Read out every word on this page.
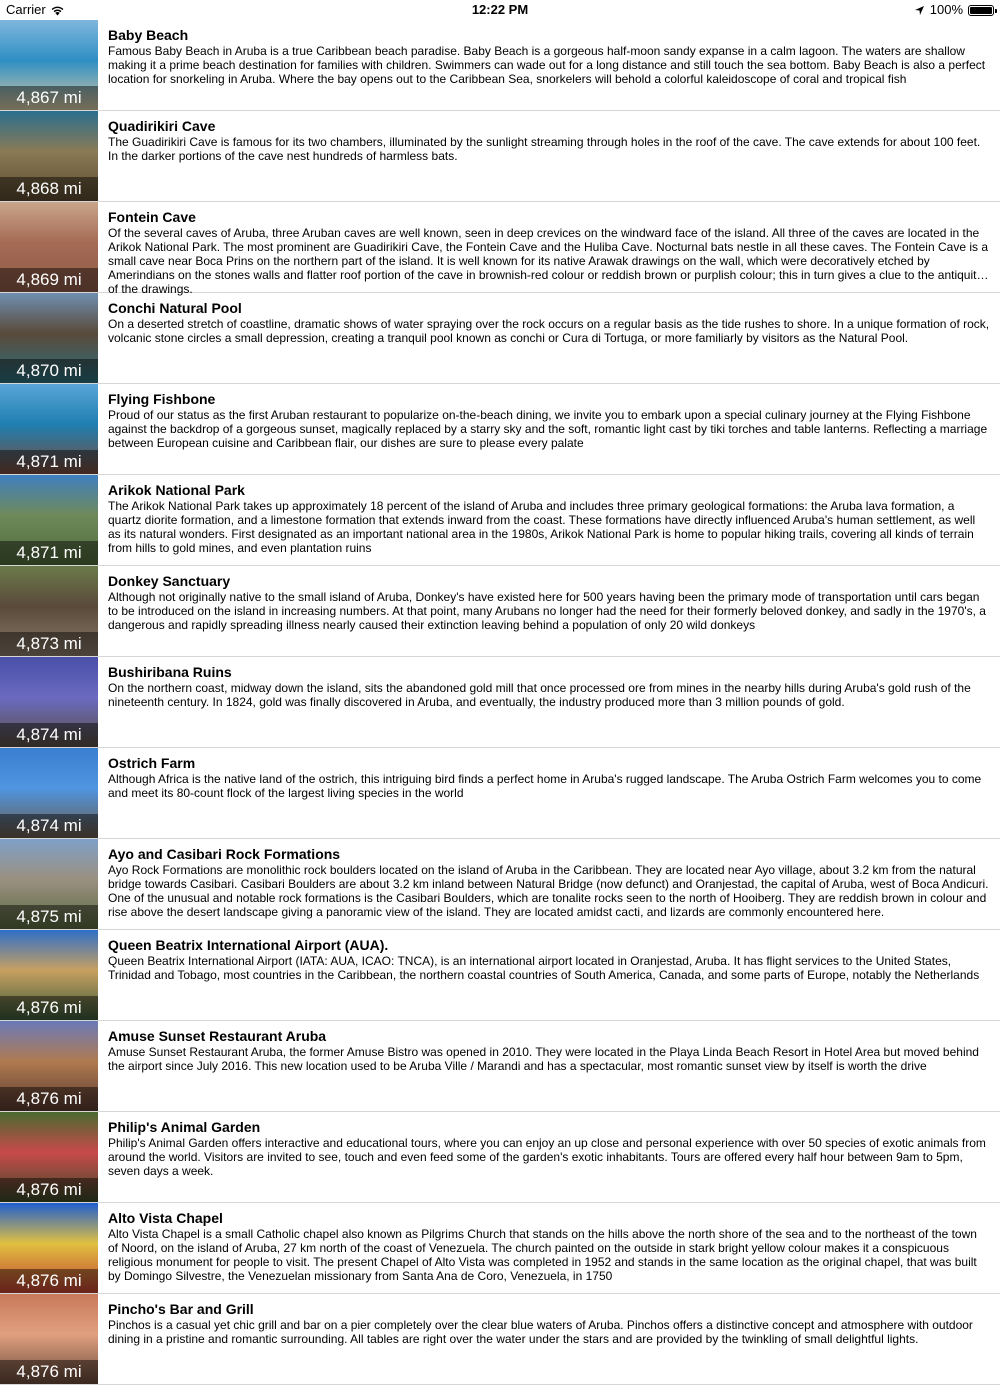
Carrier	12:22 PM	100%
4,867 mi
Baby Beach
Famous Baby Beach in Aruba is a true Caribbean beach paradise. Baby Beach is a gorgeous half-moon sandy expanse in a calm lagoon. The waters are shallow making it a prime beach destination for families with children. Swimmers can wade out for a long distance and still touch the sea bottom. Baby Beach is also a perfect location for snorkeling in Aruba. Where the bay opens out to the Caribbean Sea, snorkelers will behold a colorful kaleidoscope of coral and tropical fish
4,868 mi
Quadirikiri Cave
The Guadirikiri Cave is famous for its two chambers, illuminated by the sunlight streaming through holes in the roof of the cave. The cave extends for about 100 feet. In the darker portions of the cave nest hundreds of harmless bats.
4,869 mi
Fontein Cave
Of the several caves of Aruba, three Aruban caves are well known, seen in deep crevices on the windward face of the island. All three of the caves are located in the Arikok National Park. The most prominent are Guadirikiri Cave, the Fontein Cave and the Huliba Cave. Nocturnal bats nestle in all these caves. The Fontein Cave is a small cave near Boca Prins on the northern part of the island. It is well known for its native Arawak drawings on the wall, which were decoratively etched by Amerindians on the stones walls and flatter roof portion of the cave in brownish-red colour or reddish brown or purplish colour; this in turn gives a clue to the antiquity of the drawings.
4,870 mi
Conchi Natural Pool
On a deserted stretch of coastline, dramatic shows of water spraying over the rock occurs on a regular basis as the tide rushes to shore. In a unique formation of rock, volcanic stone circles a small depression, creating a tranquil pool known as conchi or Cura di Tortuga, or more familiarly by visitors as the Natural Pool.
4,871 mi
Flying Fishbone
Proud of our status as the first Aruban restaurant to popularize on-the-beach dining, we invite you to embark upon a special culinary journey at the Flying Fishbone against the backdrop of a gorgeous sunset, magically replaced by a starry sky and the soft, romantic light cast by tiki torches and table lanterns. Reflecting a marriage between European cuisine and Caribbean flair, our dishes are sure to please every palate
4,871 mi
Arikok National Park
The Arikok National Park takes up approximately 18 percent of the island of Aruba and includes three primary geological formations: the Aruba lava formation, a quartz diorite formation, and a limestone formation that extends inward from the coast. These formations have directly influenced Aruba's human settlement, as well as its natural wonders. First designated as an important national area in the 1980s, Arikok National Park is home to popular hiking trails, covering all kinds of terrain from hills to gold mines, and even plantation ruins
4,873 mi
Donkey Sanctuary
Although not originally native to the small island of Aruba, Donkey's have existed here for 500 years having been the primary mode of transportation until cars began to be introduced on the island in increasing numbers. At that point, many Arubans no longer had the need for their formerly beloved donkey, and sadly in the 1970's, a dangerous and rapidly spreading illness nearly caused their extinction leaving behind a population of only 20 wild donkeys
4,874 mi
Bushiribana Ruins
On the northern coast, midway down the island, sits the abandoned gold mill that once processed ore from mines in the nearby hills during Aruba's gold rush of the nineteenth century. In 1824, gold was finally discovered in Aruba, and eventually, the industry produced more than 3 million pounds of gold.
4,874 mi
Ostrich Farm
Although Africa is the native land of the ostrich, this intriguing bird finds a perfect home in Aruba's rugged landscape. The Aruba Ostrich Farm welcomes you to come and meet its 80-count flock of the largest living species in the world
4,875 mi
Ayo and Casibari Rock Formations
Ayo Rock Formations are monolithic rock boulders located on the island of Aruba in the Caribbean. They are located near Ayo village, about 3.2 km from the natural bridge towards Casibari. Casibari Boulders are about 3.2 km inland between Natural Bridge (now defunct) and Oranjestad, the capital of Aruba, west of Boca Andicuri. One of the unusual and notable rock formations is the Casibari Boulders, which are tonalite rocks seen to the north of Hooiberg. They are reddish brown in colour and rise above the desert landscape giving a panoramic view of the island. They are located amidst cacti, and lizards are commonly encountered here.
4,876 mi
Queen Beatrix International Airport (AUA).
Queen Beatrix International Airport (IATA: AUA, ICAO: TNCA), is an international airport located in Oranjestad, Aruba. It has flight services to the United States, Trinidad and Tobago, most countries in the Caribbean, the northern coastal countries of South America, Canada, and some parts of Europe, notably the Netherlands
4,876 mi
Amuse Sunset Restaurant Aruba
Amuse Sunset Restaurant Aruba, the former Amuse Bistro was opened in 2010. They were located in the Playa Linda Beach Resort in Hotel Area but moved behind the airport since July 2016. This new location used to be Aruba Ville / Marandi and has a spectacular, most romantic sunset view by itself is worth the drive
4,876 mi
Philip's Animal Garden
Philip's Animal Garden offers interactive and educational tours, where you can enjoy an up close and personal experience with over 50 species of exotic animals from around the world. Visitors are invited to see, touch and even feed some of the garden's exotic inhabitants. Tours are offered every half hour between 9am to 5pm, seven days a week.
4,876 mi
Alto Vista Chapel
Alto Vista Chapel is a small Catholic chapel also known as Pilgrims Church that stands on the hills above the north shore of the sea and to the northeast of the town of Noord, on the island of Aruba, 27 km north of the coast of Venezuela. The church painted on the outside in stark bright yellow colour makes it a conspicuous religious monument for people to visit. The present Chapel of Alto Vista was completed in 1952 and stands in the same location as the original chapel, that was built by Domingo Silvestre, the Venezuelan missionary from Santa Ana de Coro, Venezuela, in 1750
4,876 mi
Pincho's Bar and Grill
Pinchos is a casual yet chic grill and bar on a pier completely over the clear blue waters of Aruba. Pinchos offers a distinctive concept and atmosphere with outdoor dining in a pristine and romantic surrounding. All tables are right over the water under the stars and are provided by the twinkling of small delightful lights.
